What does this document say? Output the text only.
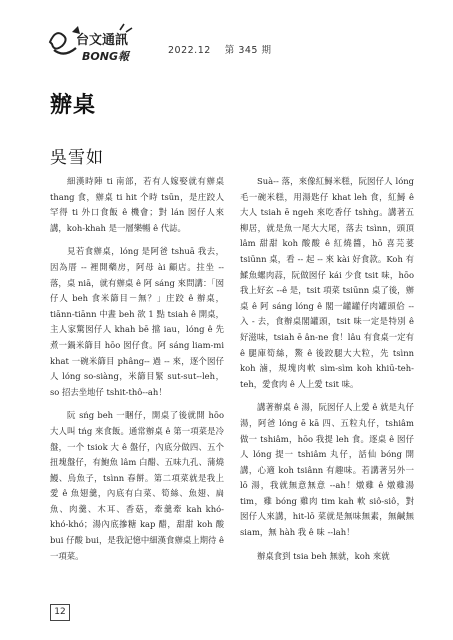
台文通訊
BONG報	2022.12 第 345 期
辦桌
吳雪如

細漢時陣 ti 南部，若有人嫁娶就有辦桌 thang 食，辦桌 ti hit 个時 tsūn，是庄跤人罕得 ti 外口食飯 ê 機會；對 lán 囡仔人來講，koh-khah 是一層樂暢 ê 代誌。

見若食辦桌，lóng 是阿爸 tshuā 我去，因為厝 -- 裡開藥房，阿母 ài 顧店。拄坐 -- 落，桌 niā，就有辦桌 ê 阿 sáng 來問講：「囡仔人 beh 食米篩目－無？」庄跤 ê 辦桌，tiānn-tiānn 中晝 beh 欲 1 點 tsiah ê 開桌，主人家驚囡仔人 khah bē 擋 iau，lóng ê 先煮一鍋米篩目 hōo 囡仔食。阿 sáng liam-mi khat 一碗米篩目 phâng-- 過 -- 來，逐个囡仔人 lóng so-siàng，米篩目緊 sut-sut--leh，so 招去坐地仔 tshit-thô--ah！

阮 sńg beh 一睏仔，開桌了後就開 hōo 大人叫 tńg 來食飯。通常辦桌 ê 第一項菜是冷盤，一个 tsiok 大 ê 盤仔，內底分做四、五个扭塊盤仔，有鮑魚 lâm 白醋、五味九孔、蒲燒鰻、烏魚子，tsìnn 春餅。第二項菜就是我上愛 ê 魚翅羹，內底有白菜、筍絲、魚翅、扁魚、肉羹、木耳、香菇，牽羹牽 kah khó-khó-khó；湯內底摻糖 kap 醋，甜甜 koh 酸 bui 仔酸 bui，是我記憶中細漢食辦桌上期待 ê 一項菜。

Suà-- 落，來像紅鱘米糕，阮囡仔人 lóng 毛一碗米糕，用湯匙仔 khat leh 食，紅鱘 ê 大人 tsiah ē ngeh 來吃香仔 tshǹg。講著五柳居，就是魚一尾大大尾，落去 tsìnn，頭頂 lâm 甜甜 koh 酸酸 ê 紅燒醬，hō 喜芫荽 tsiūnn 桌，看 -- 起 -- 來 kài 好食款。Koh 有鰇魚螺肉蒜，阮做囡仔 kái 少食 tsit 味，hōo 我上好玄 --ê 是，tsit 項菜 tsiūnn 桌了後，辦桌 ê 阿 sáng lóng ê 閣一罐罐仔肉罐頭佮 -- 入 - 去，食辦桌閣罐頭，tsit 味一定是特別 ê 好滋味，tsiah ē ân-ne 食！lâu 有食桌一定有 ê 腿庫筍絲，鰲 ê 後跤腿大大粒，先 tsìnn koh 滷，規塊肉軟 sìm-sìm koh khiū-teh-teh，愛食肉 ê 人上愛 tsit 味。

講著辦桌 ê 湯，阮囡仔人上愛 ê 就是丸仔湯，阿爸 lóng ē kā 四、五粒丸仔，tshiâm 做一 tshiâm，hōo 我提 leh 食。逐桌 ê 囡仔人 lóng 提一 tshiâm 丸仔，話仙 bóng 開講，心適 koh tsiânn 有趣味。若講著另外一 lō 湯，我就無意無意 --ah！燉雞 ê 燉雞湯 tim，雞 bóng 雞肉 tim kah 軟 siô-siô，對囡仔人來講，hit-lō 菜就是無味無素，無鹹無 siam，無 hàh 我 ê 味 --lah！

辦桌食到 tsia beh 無就，koh 來就

12
